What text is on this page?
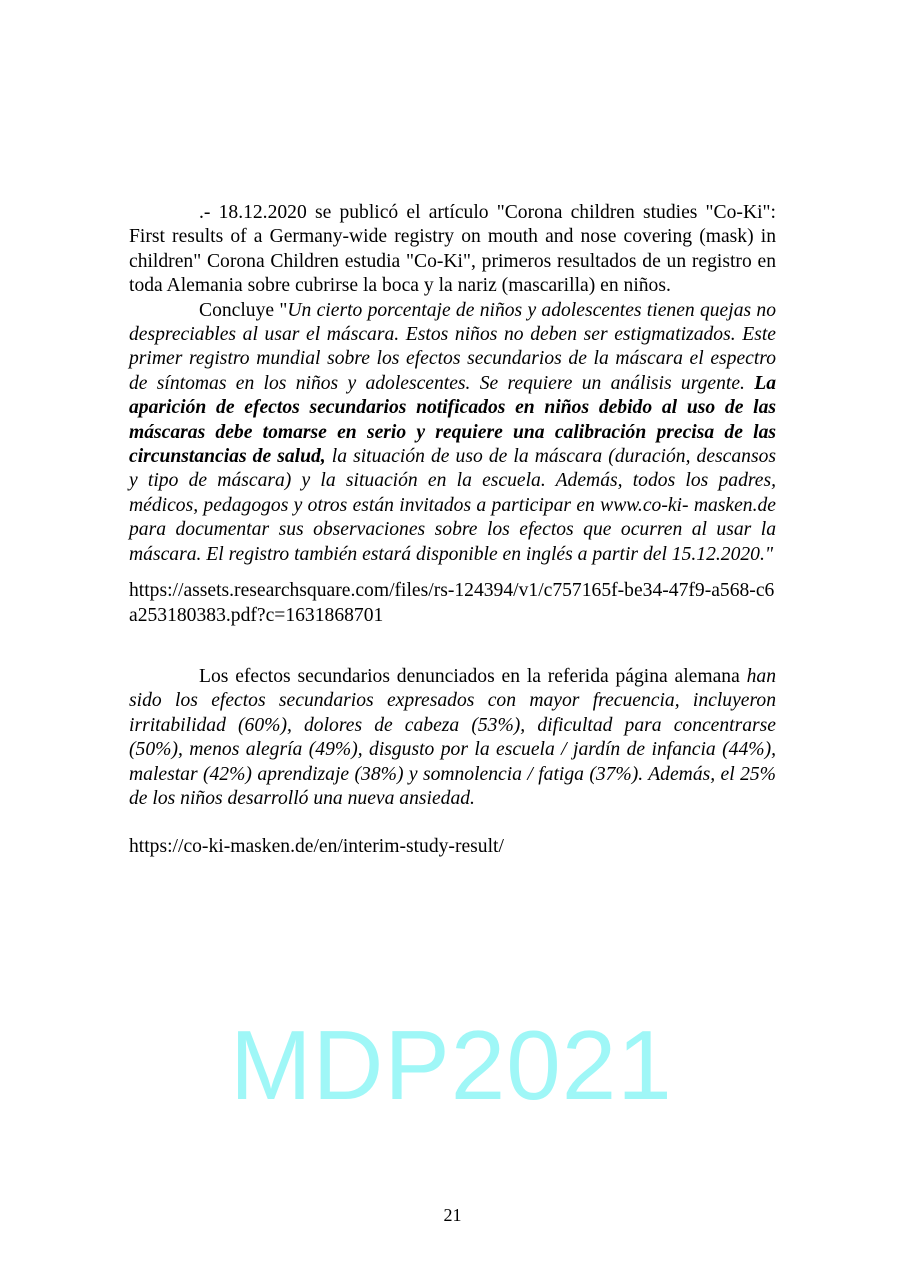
MDP2021

.- 18.12.2020 se publicó el artículo "Corona children studies "Co-Ki": First results of a Germany-wide registry on mouth and nose covering (mask) in children" Corona Children estudia "Co-Ki", primeros resultados de un registro en toda Alemania sobre cubrirse la boca y la nariz (mascarilla) en niños.

Concluye "Un cierto porcentaje de niños y adolescentes tienen quejas no despreciables al usar el máscara. Estos niños no deben ser estigmatizados. Este primer registro mundial sobre los efectos secundarios de la máscara el espectro de síntomas en los niños y adolescentes. Se requiere un análisis urgente. La aparición de efectos secundarios notificados en niños debido al uso de las máscaras debe tomarse en serio y requiere una calibración precisa de las circunstancias de salud, la situación de uso de la máscara (duración, descansos y tipo de máscara) y la situación en la escuela. Además, todos los padres, médicos, pedagogos y otros están invitados a participar en www.co-ki- masken.de para documentar sus observaciones sobre los efectos que ocurren al usar la máscara. El registro también estará disponible en inglés a partir del 15.12.2020."

https://assets.researchsquare.com/files/rs-124394/v1/c757165f-be34-47f9-a568-c6a253180383.pdf?c=1631868701

Los efectos secundarios denunciados en la referida página alemana han sido los efectos secundarios expresados con mayor frecuencia, incluyeron irritabilidad (60%), dolores de cabeza (53%), dificultad para concentrarse (50%), menos alegría (49%), disgusto por la escuela / jardín de infancia (44%), malestar (42%) aprendizaje (38%) y somnolencia / fatiga (37%). Además, el 25% de los niños desarrolló una nueva ansiedad.

https://co-ki-masken.de/en/interim-study-result/

21
